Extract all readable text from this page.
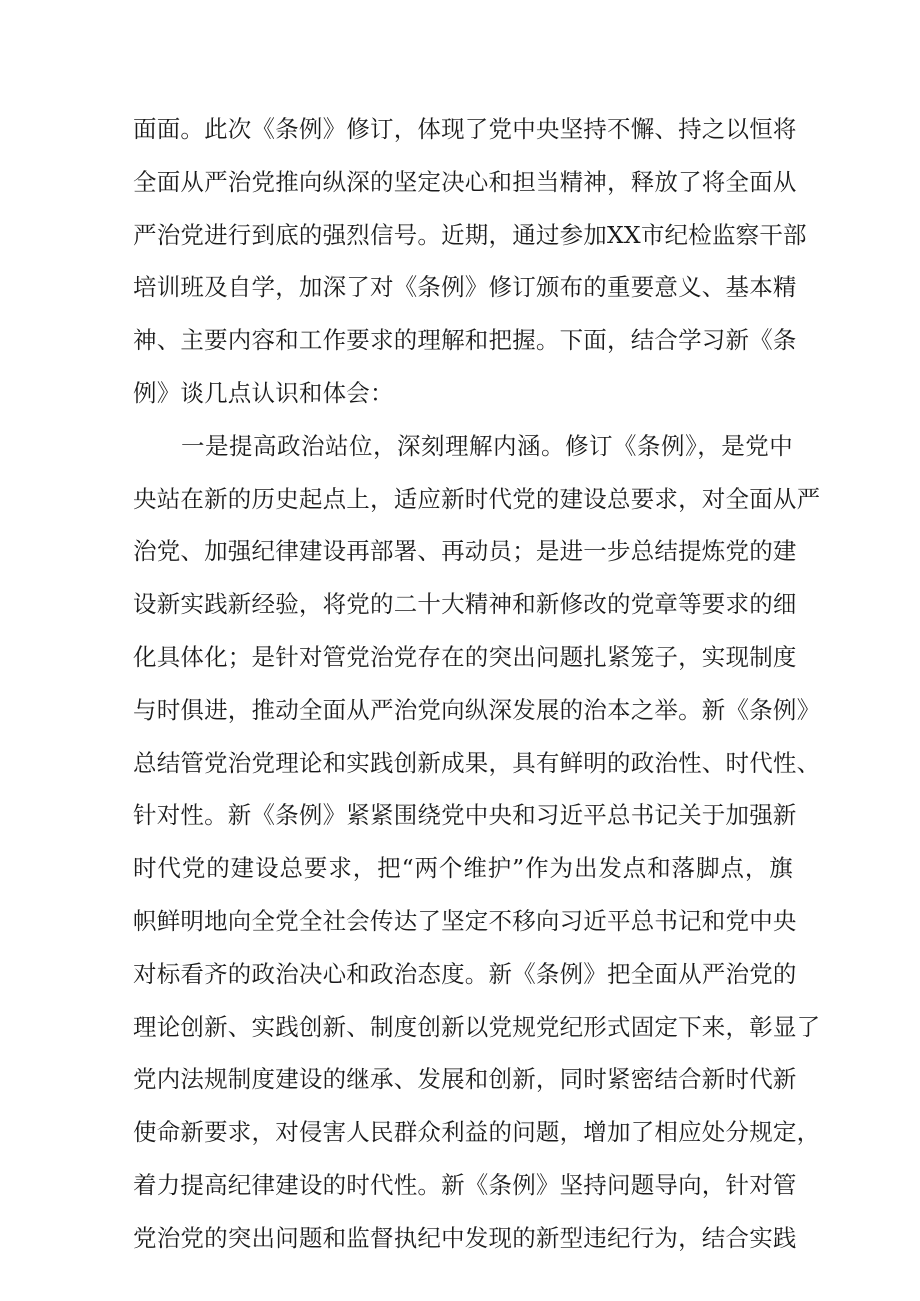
面面。此次《条例》修订，体现了党中央坚持不懈、持之以恒将
全面从严治党推向纵深的坚定决心和担当精神，释放了将全面从
严治党进行到底的强烈信号。近期，通过参加XX市纪检监察干部
培训班及自学，加深了对《条例》修订颁布的重要意义、基本精
神、主要内容和工作要求的理解和把握。下面，结合学习新《条
例》谈几点认识和体会：
一是提高政治站位，深刻理解内涵。修订《条例》，是党中
央站在新的历史起点上，适应新时代党的建设总要求，对全面从严
治党、加强纪律建设再部署、再动员；是进一步总结提炼党的建
设新实践新经验，将党的二十大精神和新修改的党章等要求的细
化具体化；是针对管党治党存在的突出问题扎紧笼子，实现制度
与时俱进，推动全面从严治党向纵深发展的治本之举。新《条例》
总结管党治党理论和实践创新成果，具有鲜明的政治性、时代性、
针对性。新《条例》紧紧围绕党中央和习近平总书记关于加强新
时代党的建设总要求，把“两个维护”作为出发点和落脚点，旗
帜鲜明地向全党全社会传达了坚定不移向习近平总书记和党中央
对标看齐的政治决心和政治态度。新《条例》把全面从严治党的
理论创新、实践创新、制度创新以党规党纪形式固定下来，彰显了
党内法规制度建设的继承、发展和创新，同时紧密结合新时代新
使命新要求，对侵害人民群众利益的问题，增加了相应处分规定，
着力提高纪律建设的时代性。新《条例》坚持问题导向，针对管
党治党的突出问题和监督执纪中发现的新型违纪行为，结合实践
